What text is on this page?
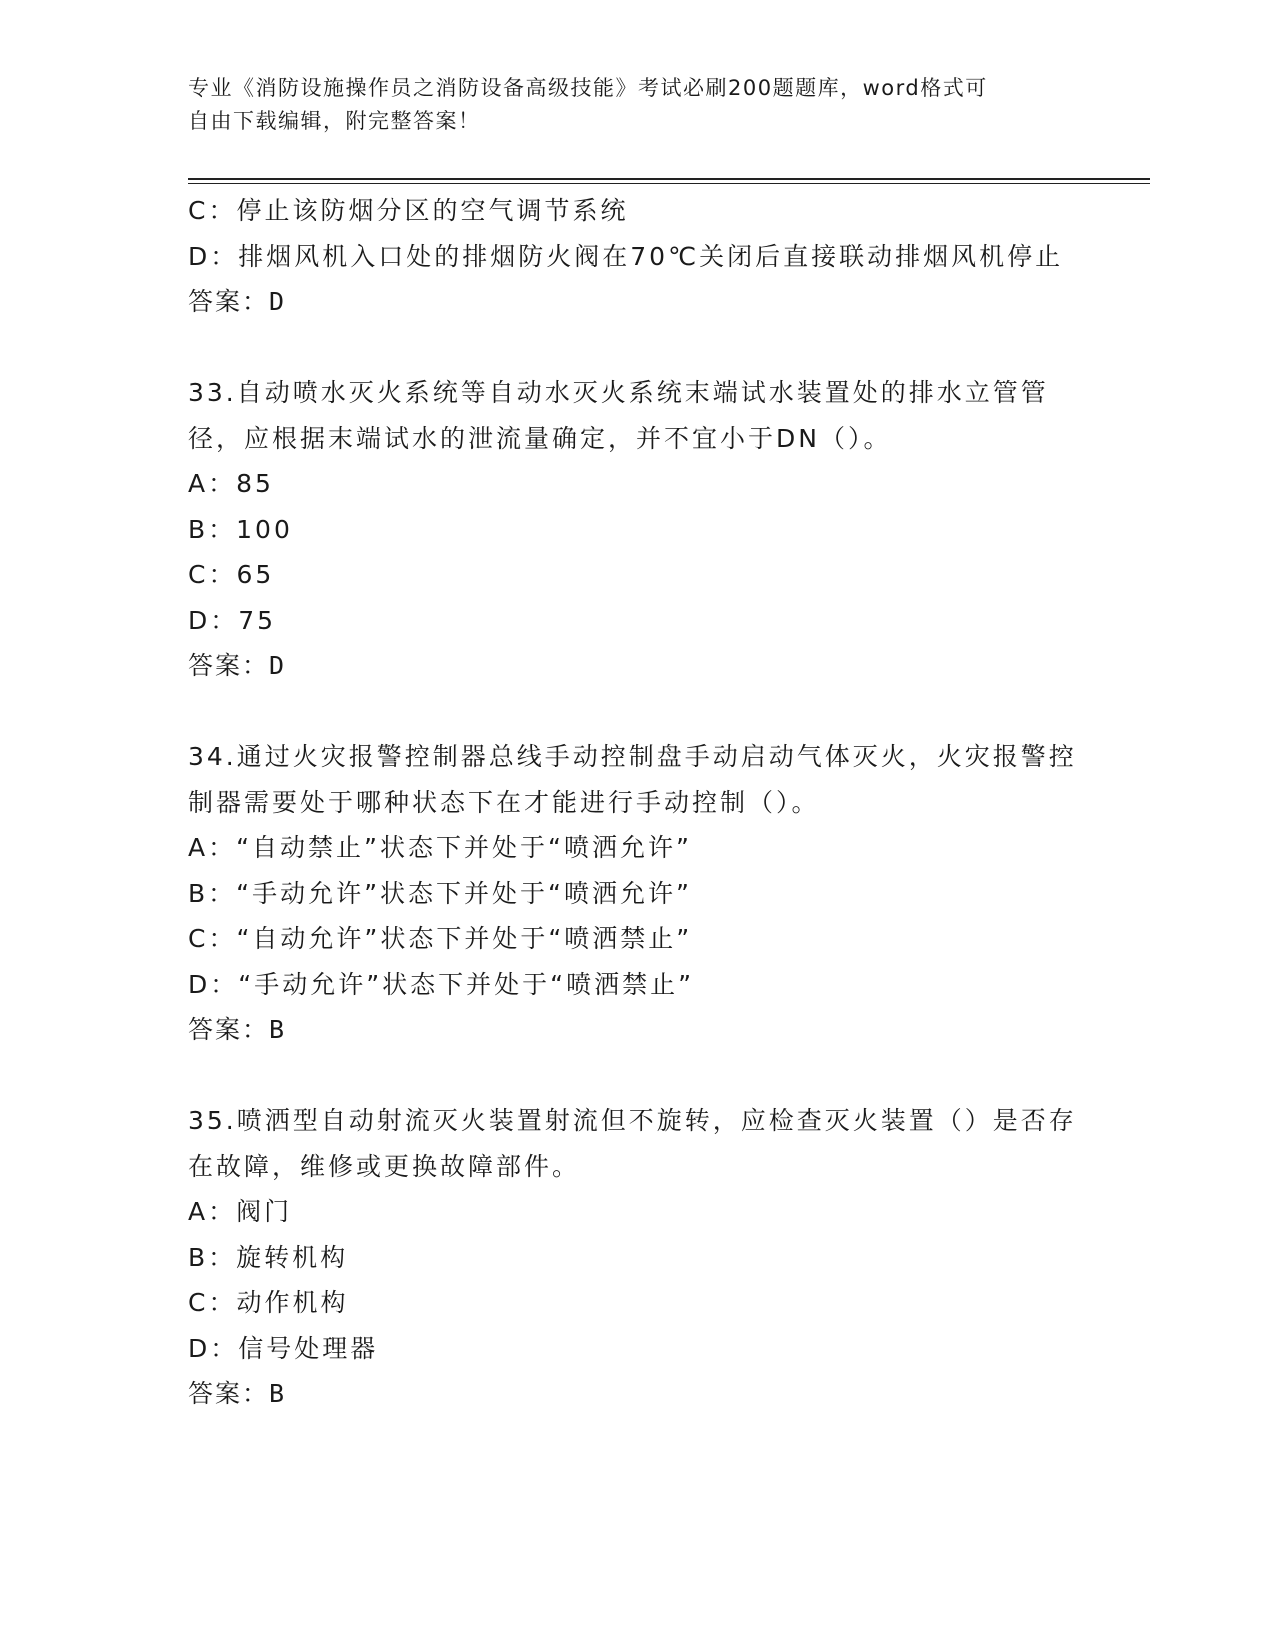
专业《消防设施操作员之消防设备高级技能》考试必刷200题题库，word格式可
自由下载编辑，附完整答案！
C：停止该防烟分区的空气调节系统
D：排烟风机入口处的排烟防火阀在70℃关闭后直接联动排烟风机停止
答案：D
33.自动喷水灭火系统等自动水灭火系统末端试水装置处的排水立管管径，应根据末端试水的泄流量确定，并不宜小于DN（）。
A：85
B：100
C：65
D：75
答案：D
34.通过火灾报警控制器总线手动控制盘手动启动气体灭火，火灾报警控制器需要处于哪种状态下在才能进行手动控制（）。
A：“自动禁止”状态下并处于“喷洒允许”
B：“手动允许”状态下并处于“喷洒允许”
C：“自动允许”状态下并处于“喷洒禁止”
D：“手动允许”状态下并处于“喷洒禁止”
答案：B
35.喷洒型自动射流灭火装置射流但不旋转，应检查灭火装置（）是否存在故障，维修或更换故障部件。
A：阀门
B：旋转机构
C：动作机构
D：信号处理器
答案：B
